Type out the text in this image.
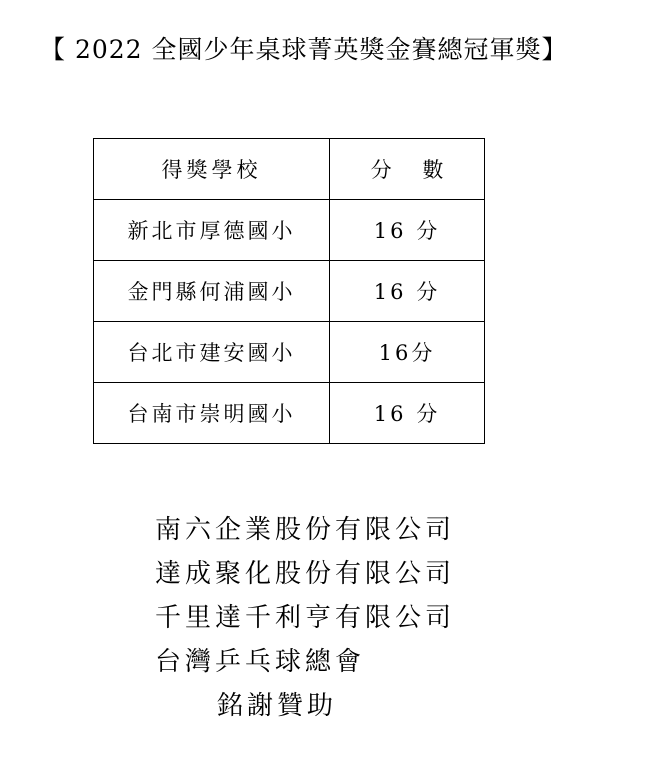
【 2022 全國少年桌球菁英獎金賽總冠軍獎】
得獎學校	分 數
新北市厚德國小	16 分
金門縣何浦國小	16 分
台北市建安國小	16分
台南市崇明國小	16 分
南六企業股份有限公司
達成聚化股份有限公司
千里達千利亨有限公司
台灣乒乓球總會
銘謝贊助
